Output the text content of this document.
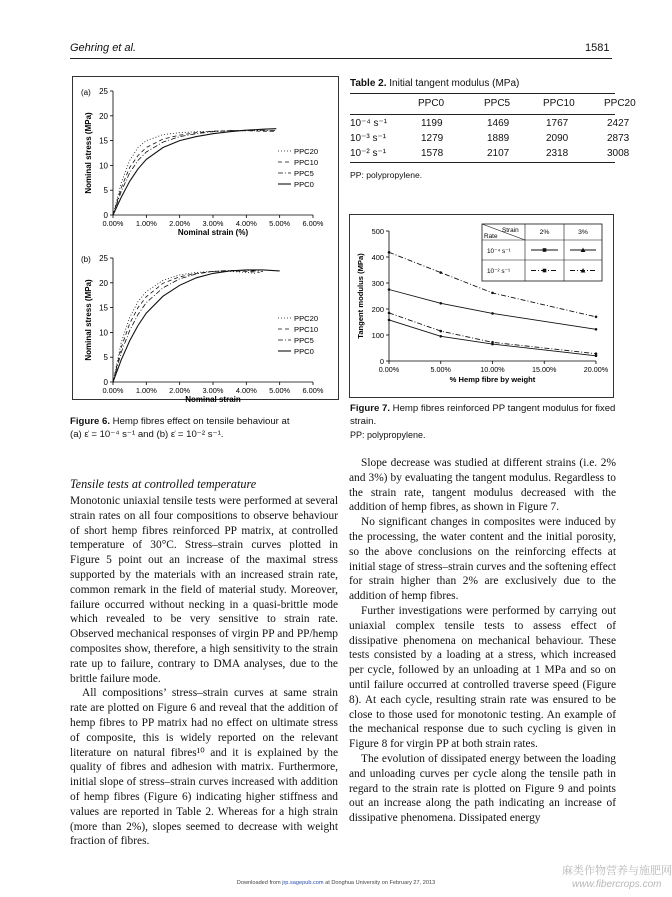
Gehring et al.	1581
(a)
0
5
10
15
20
25
0.00% 1.00% 2.00% 3.00% 4.00% 5.00% 6.00%
Nominal strain (%)
Nominal stress (MPa)	PPC20
PPC10
PPC5
PPC0
(b)
0
5
10
15
20
25
0.00% 1.00% 2.00% 3.00% 4.00% 5.00% 6.00%
Nominal strain
Nominal stress (MPa)	PPC20
PPC10
PPC5
PPC0
Figure 6. Hemp fibres effect on tensile behaviour at
(a) ε̇ = 10⁻⁴ s⁻¹ and (b) ε̇ = 10⁻² s⁻¹.
Table 2. Initial tangent modulus (MPa)
PPC0	PPC5	PPC10	PPC20
10⁻⁴ s⁻¹	1199	1469	1767	2427
10⁻³ s⁻¹	1279	1889	2090	2873
10⁻² s⁻¹	1578	2107	2318	3008
PP: polypropylene.
0
100
200
300
400
500
0.00%	5.00%	10.00%	15.00%	20.00%
% Hemp fibre by weight
Tangent modulus (MPa)
Strain
Rate
2%	3%
10⁻⁴ s⁻¹
10⁻² s⁻¹
Figure 7. Hemp fibres reinforced PP tangent modulus for fixed
strain.
PP: polypropylene.
Tensile tests at controlled temperature

Monotonic uniaxial tensile tests were performed at several strain rates on all four compositions to observe behaviour of short hemp fibres reinforced PP matrix, at controlled temperature of 30°C. Stress–strain curves plotted in Figure 5 point out an increase of the maximal stress supported by the materials with an increased strain rate, common remark in the field of material study. Moreover, failure occurred without necking in a quasi-brittle mode which revealed to be very sensitive to strain rate. Observed mechanical responses of virgin PP and PP/hemp composites show, therefore, a high sensitivity to the strain rate up to failure, contrary to DMA analyses, due to the brittle failure mode.

All compositions’ stress–strain curves at same strain rate are plotted on Figure 6 and reveal that the addition of hemp fibres to PP matrix had no effect on ultimate stress of composite, this is widely reported on the relevant literature on natural fibres¹⁰ and it is explained by the quality of fibres and adhesion with matrix. Furthermore, initial slope of stress–strain curves increased with addition of hemp fibres (Figure 6) indicating higher stiffness and values are reported in Table 2. Whereas for a high strain (more than 2%), slopes seemed to decrease with weight fraction of fibres.

Slope decrease was studied at different strains (i.e. 2% and 3%) by evaluating the tangent modulus. Regardless to the strain rate, tangent modulus decreased with the addition of hemp fibres, as shown in Figure 7.

No significant changes in composites were induced by the processing, the water content and the initial porosity, so the above conclusions on the reinforcing effects at initial stage of stress–strain curves and the softening effect for strain higher than 2% are exclusively due to the addition of hemp fibres.

Further investigations were performed by carrying out uniaxial complex tensile tests to assess effect of dissipative phenomena on mechanical behaviour. These tests consisted by a loading at a stress, which increased per cycle, followed by an unloading at 1 MPa and so on until failure occurred at controlled traverse speed (Figure 8). At each cycle, resulting strain rate was ensured to be close to those used for monotonic testing. An example of the mechanical response due to such cycling is given in Figure 8 for virgin PP at both strain rates.

The evolution of dissipated energy between the loading and unloading curves per cycle along the tensile path in regard to the strain rate is plotted on Figure 9 and points out an increase along the path indicating an increase of dissipative phenomena. Dissipated energy

Downloaded from jrp.sagepub.com at Donghua University on February 27, 2013
麻类作物营养与施肥网
www.fibercrops.com
